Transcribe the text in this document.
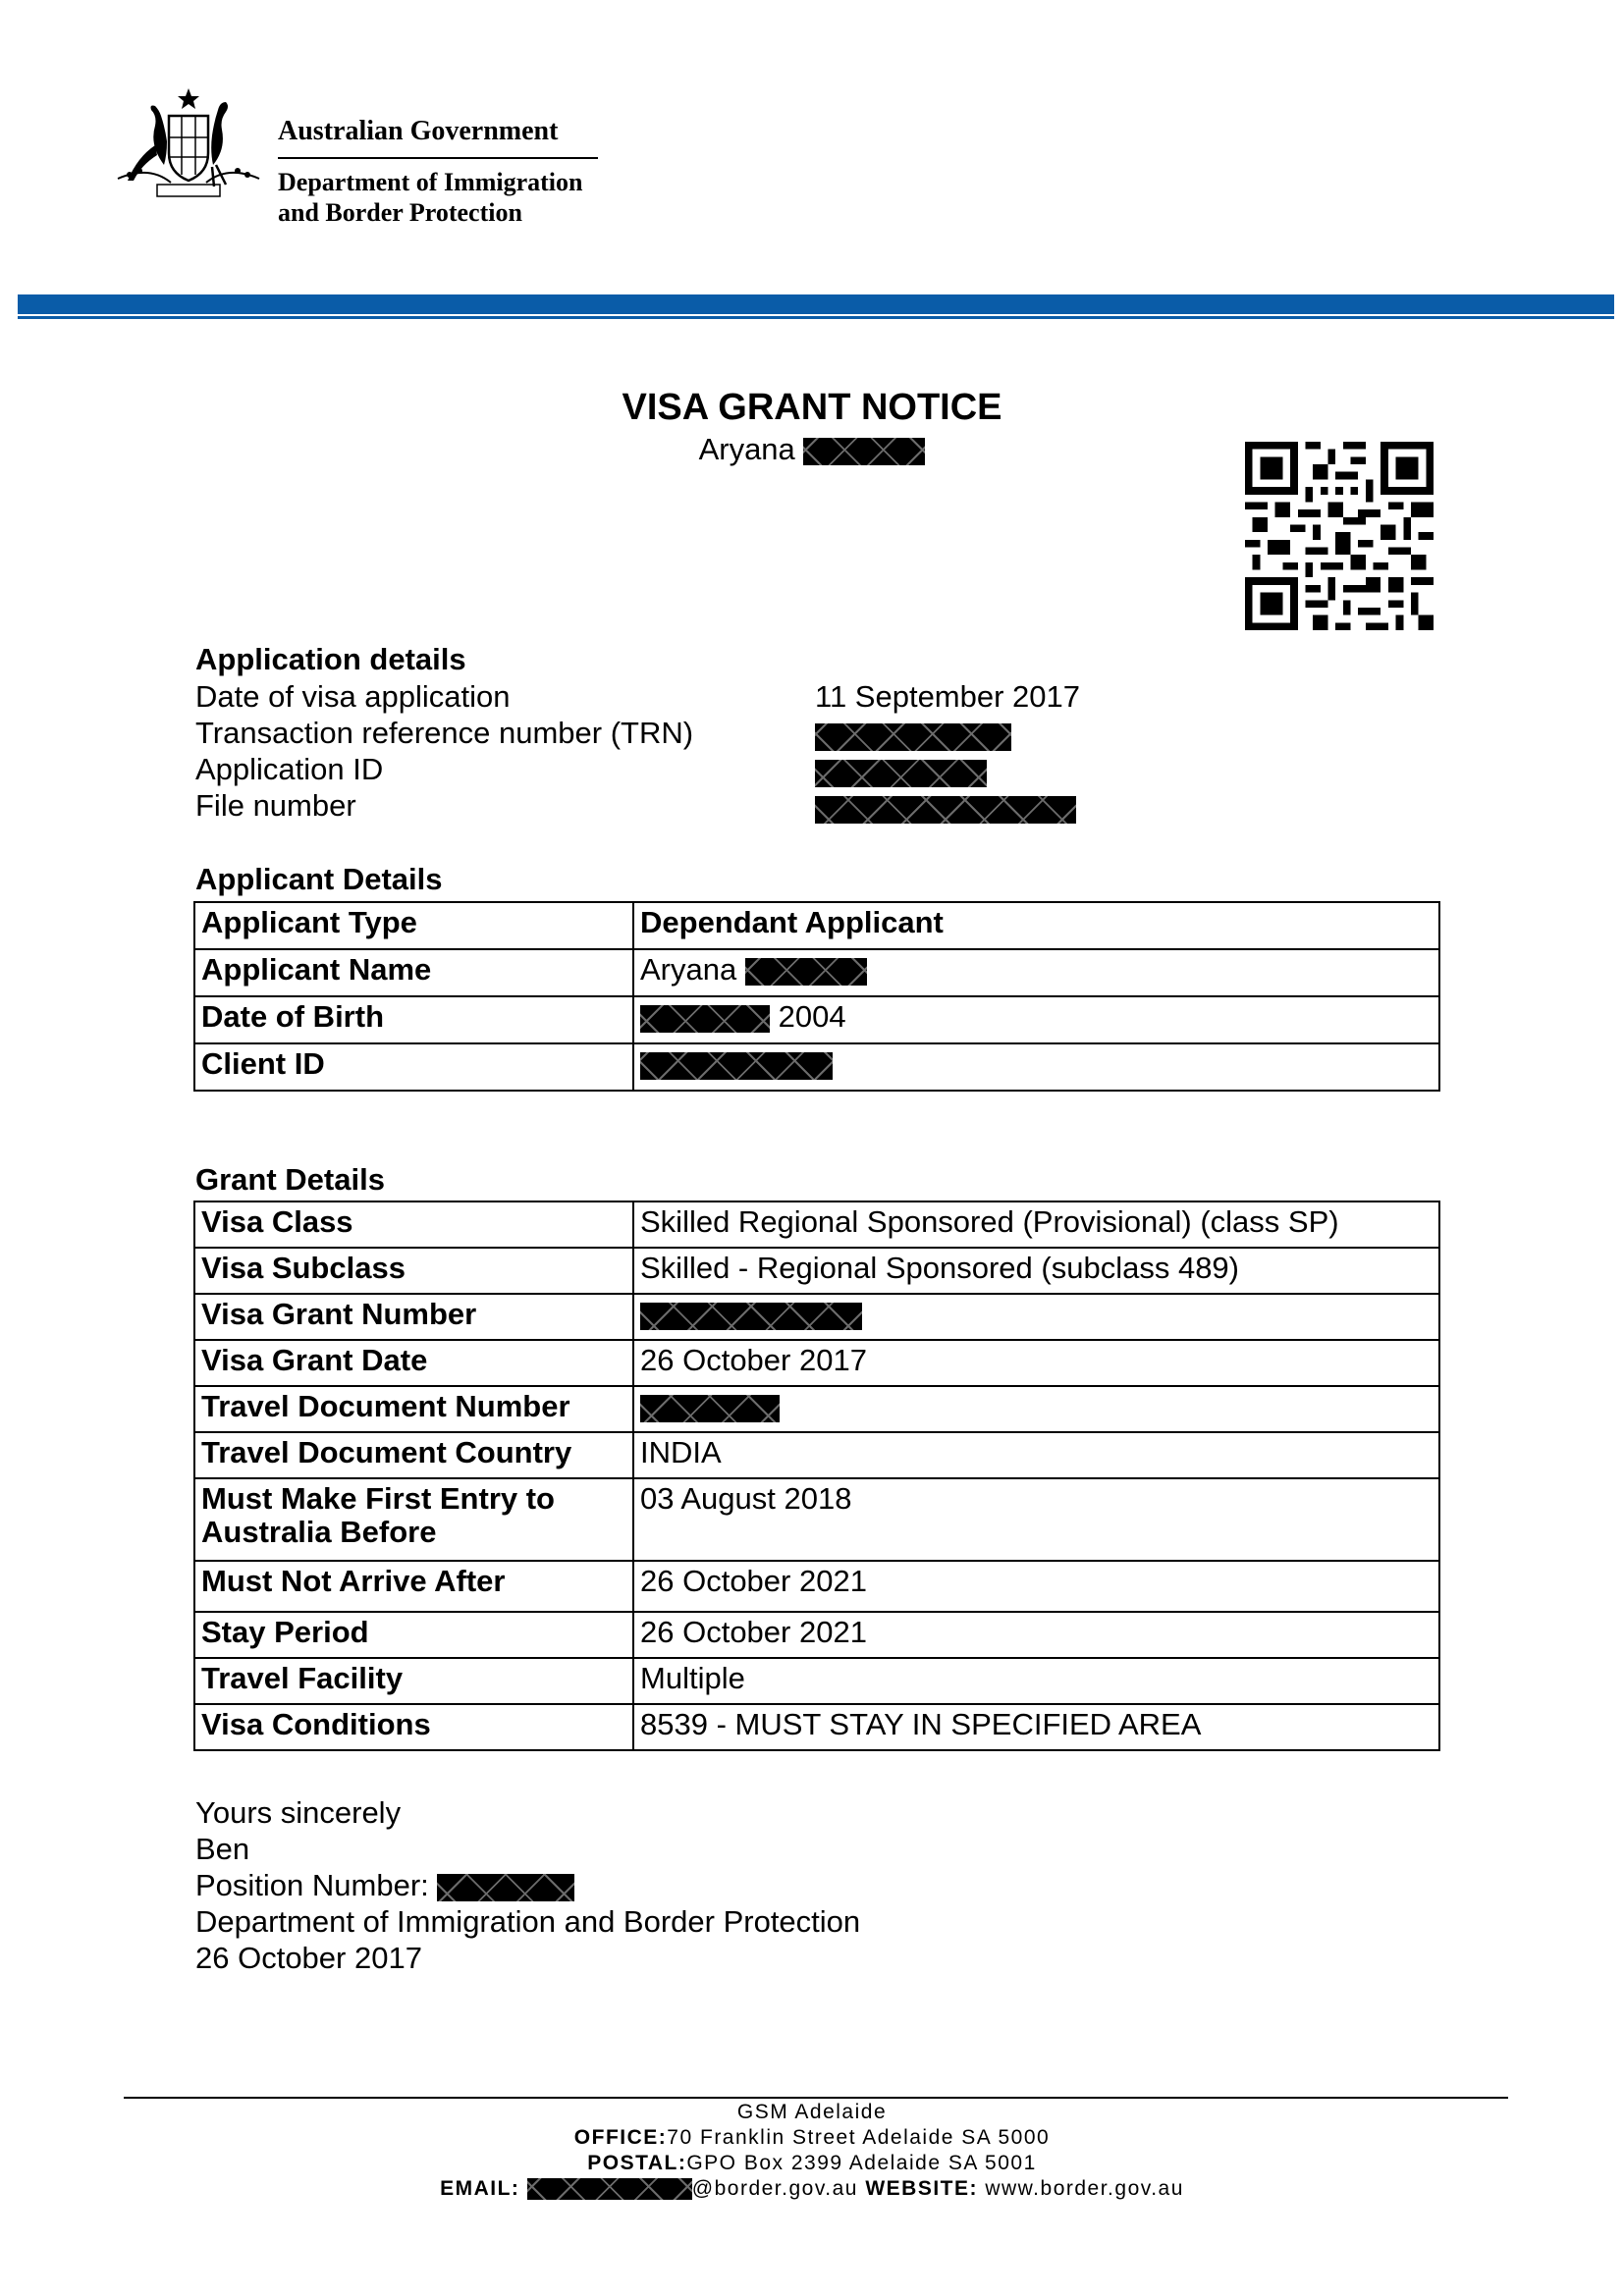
Australian Government
Department of Immigration
and Border Protection
VISA GRANT NOTICE
Aryana
Application details
Date of visa application	11 September 2017
Transaction reference number (TRN)
Application ID
File number
Applicant Details
Applicant Type	Dependant Applicant
Applicant Name	Aryana
Date of Birth	2004
Client ID	
Grant Details
Visa Class	Skilled Regional Sponsored (Provisional) (class SP)
Visa Subclass	Skilled - Regional Sponsored (subclass 489)
Visa Grant Number	
Visa Grant Date	26 October 2017
Travel Document Number	
Travel Document Country	INDIA

Must Make First Entry to
Australia Before	03 August 2018
Must Not Arrive After	26 October 2021
Stay Period	26 October 2021
Travel Facility	Multiple
Visa Conditions	8539 - MUST STAY IN SPECIFIED AREA
Yours sincerely
Ben
Position Number:
Department of Immigration and Border Protection
26 October 2017
GSM Adelaide
OFFICE:70 Franklin Street Adelaide SA 5000
POSTAL:GPO Box 2399 Adelaide SA 5001
EMAIL:	@border.gov.au WEBSITE: www.border.gov.au
